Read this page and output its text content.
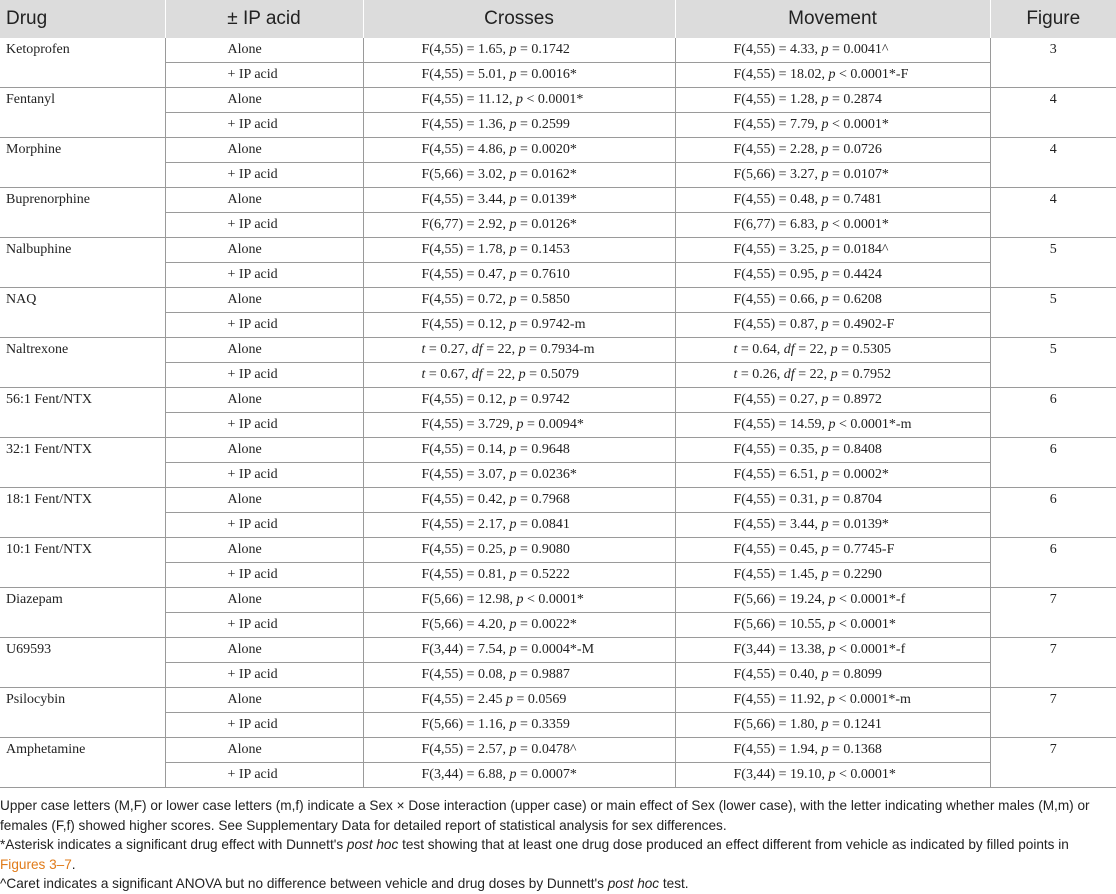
Drug	± IP acid	Crosses	Movement	Figure
Ketoprofen	Alone	F(4,55) = 1.65, p = 0.1742	F(4,55) = 4.33, p = 0.0041^	3
	+ IP acid	F(4,55) = 5.01, p = 0.0016*	F(4,55) = 18.02, p < 0.0001*-F	
Fentanyl	Alone	F(4,55) = 11.12, p < 0.0001*	F(4,55) = 1.28, p = 0.2874	4
	+ IP acid	F(4,55) = 1.36, p = 0.2599	F(4,55) = 7.79, p < 0.0001*	
Morphine	Alone	F(4,55) = 4.86, p = 0.0020*	F(4,55) = 2.28, p = 0.0726	4
	+ IP acid	F(5,66) = 3.02, p = 0.0162*	F(5,66) = 3.27, p = 0.0107*	
Buprenorphine	Alone	F(4,55) = 3.44, p = 0.0139*	F(4,55) = 0.48, p = 0.7481	4
	+ IP acid	F(6,77) = 2.92, p = 0.0126*	F(6,77) = 6.83, p < 0.0001*	
Nalbuphine	Alone	F(4,55) = 1.78, p = 0.1453	F(4,55) = 3.25, p = 0.0184^	5
	+ IP acid	F(4,55) = 0.47, p = 0.7610	F(4,55) = 0.95, p = 0.4424	
NAQ	Alone	F(4,55) = 0.72, p = 0.5850	F(4,55) = 0.66, p = 0.6208	5
	+ IP acid	F(4,55) = 0.12, p = 0.9742-m	F(4,55) = 0.87, p = 0.4902-F	
Naltrexone	Alone	t = 0.27, df = 22, p = 0.7934-m	t = 0.64, df = 22, p = 0.5305	5
	+ IP acid	t = 0.67, df = 22, p = 0.5079	t = 0.26, df = 22, p = 0.7952	
56:1 Fent/NTX	Alone	F(4,55) = 0.12, p = 0.9742	F(4,55) = 0.27, p = 0.8972	6
	+ IP acid	F(4,55) = 3.729, p = 0.0094*	F(4,55) = 14.59, p < 0.0001*-m	
32:1 Fent/NTX	Alone	F(4,55) = 0.14, p = 0.9648	F(4,55) = 0.35, p = 0.8408	6
	+ IP acid	F(4,55) = 3.07, p = 0.0236*	F(4,55) = 6.51, p = 0.0002*	
18:1 Fent/NTX	Alone	F(4,55) = 0.42, p = 0.7968	F(4,55) = 0.31, p = 0.8704	6
	+ IP acid	F(4,55) = 2.17, p = 0.0841	F(4,55) = 3.44, p = 0.0139*	
10:1 Fent/NTX	Alone	F(4,55) = 0.25, p = 0.9080	F(4,55) = 0.45, p = 0.7745-F	6
	+ IP acid	F(4,55) = 0.81, p = 0.5222	F(4,55) = 1.45, p = 0.2290	
Diazepam	Alone	F(5,66) = 12.98, p < 0.0001*	F(5,66) = 19.24, p < 0.0001*-f	7
	+ IP acid	F(5,66) = 4.20, p = 0.0022*	F(5,66) = 10.55, p < 0.0001*	
U69593	Alone	F(3,44) = 7.54, p = 0.0004*-M	F(3,44) = 13.38, p < 0.0001*-f	7
	+ IP acid	F(4,55) = 0.08, p = 0.9887	F(4,55) = 0.40, p = 0.8099	
Psilocybin	Alone	F(4,55) = 2.45 p = 0.0569	F(4,55) = 11.92, p < 0.0001*-m	7
	+ IP acid	F(5,66) = 1.16, p = 0.3359	F(5,66) = 1.80, p = 0.1241	
Amphetamine	Alone	F(4,55) = 2.57, p = 0.0478^	F(4,55) = 1.94, p = 0.1368	7
	+ IP acid	F(3,44) = 6.88, p = 0.0007*	F(3,44) = 19.10, p < 0.0001*	

Upper case letters (M,F) or lower case letters (m,f) indicate a Sex × Dose interaction (upper case) or main effect of Sex (lower case), with the letter indicating whether males (M,m) or females (F,f) showed higher scores. See Supplementary Data for detailed report of statistical analysis for sex differences.

*Asterisk indicates a significant drug effect with Dunnett's post hoc test showing that at least one drug dose produced an effect different from vehicle as indicated by filled points in Figures 3–7.

^Caret indicates a significant ANOVA but no difference between vehicle and drug doses by Dunnett's post hoc test.
